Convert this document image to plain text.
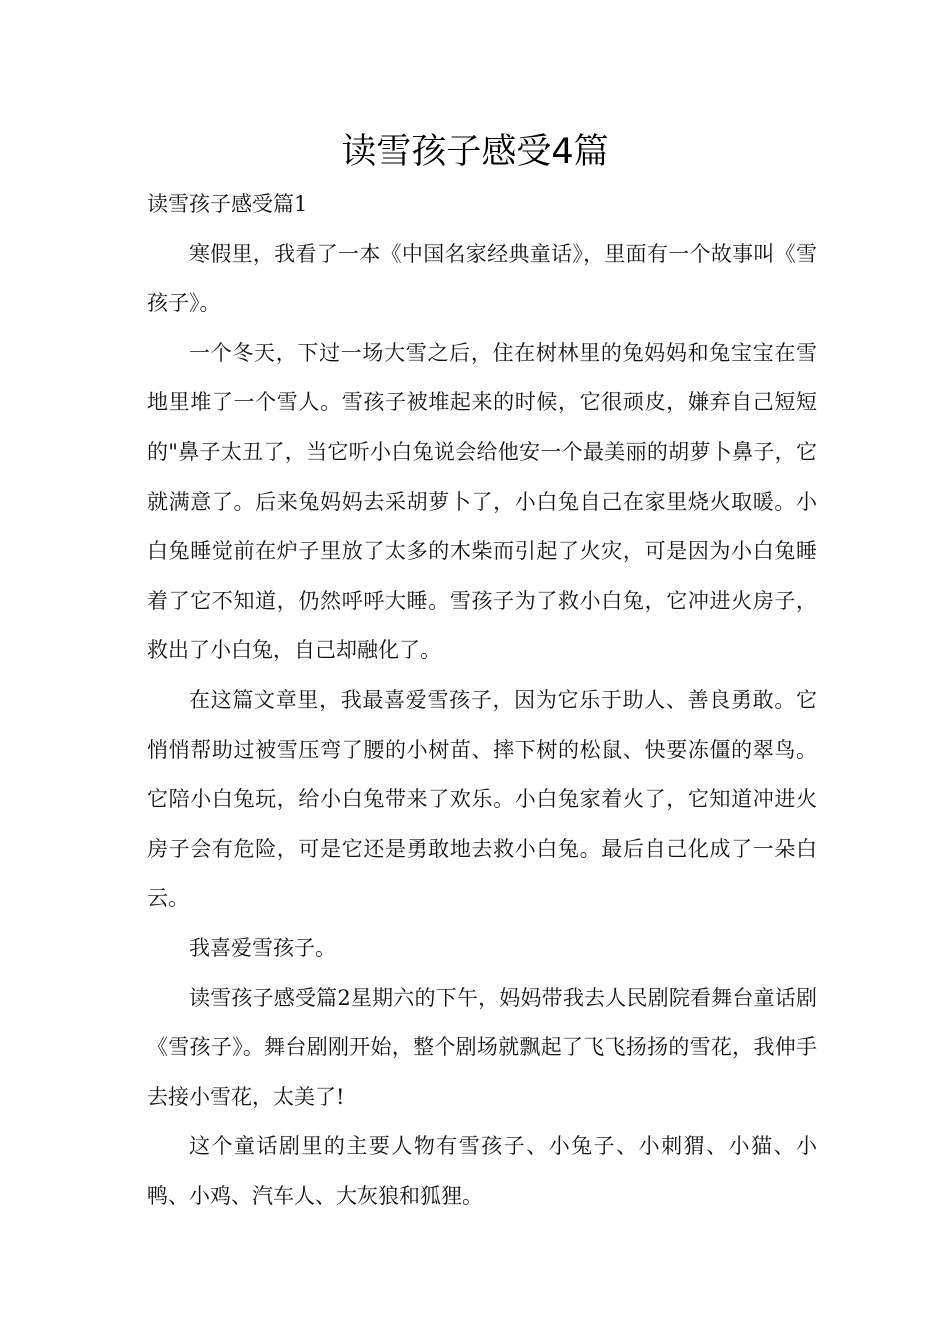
读雪孩子感受4篇

读雪孩子感受篇1

寒假里，我看了一本《中国名家经典童话》，里面有一个故事叫《雪孩子》。

一个冬天，下过一场大雪之后，住在树林里的兔妈妈和兔宝宝在雪地里堆了一个雪人。雪孩子被堆起来的时候，它很顽皮，嫌弃自己短短的"鼻子太丑了，当它听小白兔说会给他安一个最美丽的胡萝卜鼻子，它就满意了。后来兔妈妈去采胡萝卜了，小白兔自己在家里烧火取暖。小白兔睡觉前在炉子里放了太多的木柴而引起了火灾，可是因为小白兔睡着了它不知道，仍然呼呼大睡。雪孩子为了救小白兔，它冲进火房子，救出了小白兔，自己却融化了。

在这篇文章里，我最喜爱雪孩子，因为它乐于助人、善良勇敢。它悄悄帮助过被雪压弯了腰的小树苗、摔下树的松鼠、快要冻僵的翠鸟。它陪小白兔玩，给小白兔带来了欢乐。小白兔家着火了，它知道冲进火房子会有危险，可是它还是勇敢地去救小白兔。最后自己化成了一朵白云。

我喜爱雪孩子。

读雪孩子感受篇2星期六的下午，妈妈带我去人民剧院看舞台童话剧《雪孩子》。舞台剧刚开始，整个剧场就飘起了飞飞扬扬的雪花，我伸手去接小雪花，太美了!

这个童话剧里的主要人物有雪孩子、小兔子、小刺猬、小猫、小鸭、小鸡、汽车人、大灰狼和狐狸。
